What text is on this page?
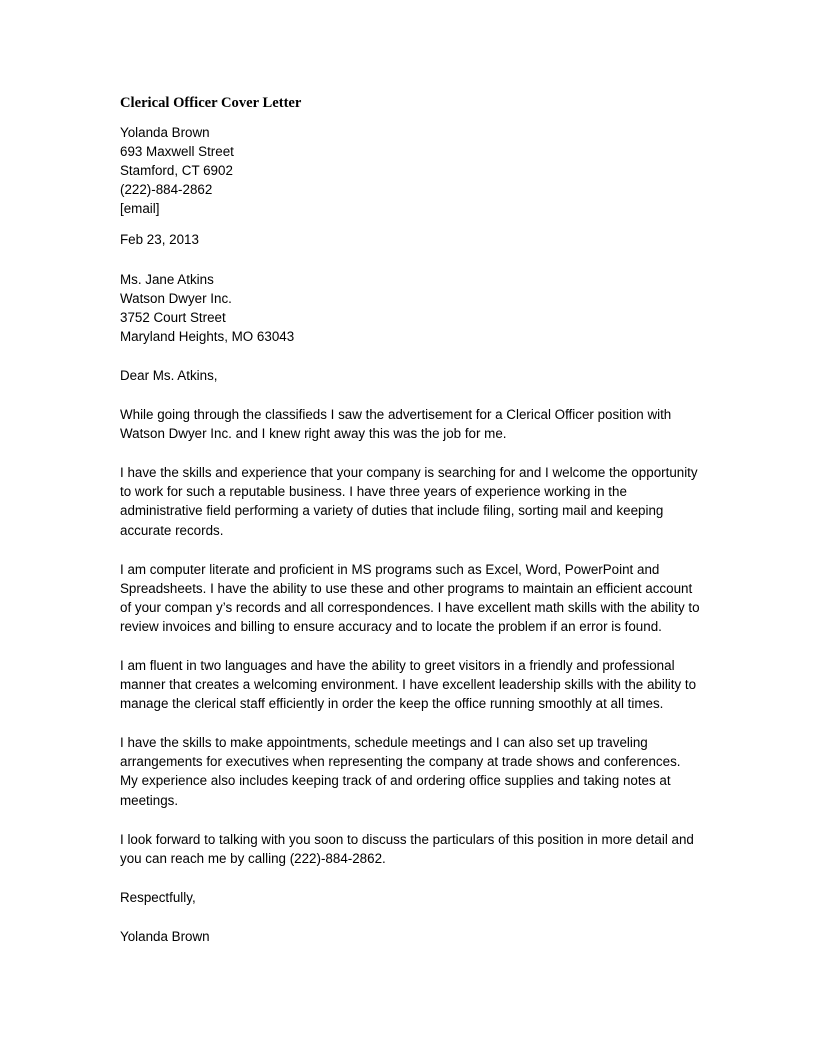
Clerical Officer Cover Letter
Yolanda Brown
693 Maxwell Street
Stamford, CT 6902
(222)-884-2862
[email]
Feb 23, 2013
Ms. Jane Atkins
Watson Dwyer Inc.
3752 Court Street
Maryland Heights, MO 63043
Dear Ms. Atkins,
While going through the classifieds I saw the advertisement for a Clerical Officer position with
Watson Dwyer Inc. and I knew right away this was the job for me.
I have the skills and experience that your company is searching for and I welcome the opportunity
to work for such a reputable business. I have three years of experience working in the
administrative field performing a variety of duties that include filing, sorting mail and keeping
accurate records.
I am computer literate and proficient in MS programs such as Excel, Word, PowerPoint and
Spreadsheets. I have the ability to use these and other programs to maintain an efficient account
of your compan y’s records and all correspondences. I have excellent math skills with the ability to
review invoices and billing to ensure accuracy and to locate the problem if an error is found.
I am fluent in two languages and have the ability to greet visitors in a friendly and professional
manner that creates a welcoming environment. I have excellent leadership skills with the ability to
manage the clerical staff efficiently in order the keep the office running smoothly at all times.
I have the skills to make appointments, schedule meetings and I can also set up traveling
arrangements for executives when representing the company at trade shows and conferences.
My experience also includes keeping track of and ordering office supplies and taking notes at
meetings.
I look forward to talking with you soon to discuss the particulars of this position in more detail and
you can reach me by calling (222)-884-2862.
Respectfully,
Yolanda Brown
